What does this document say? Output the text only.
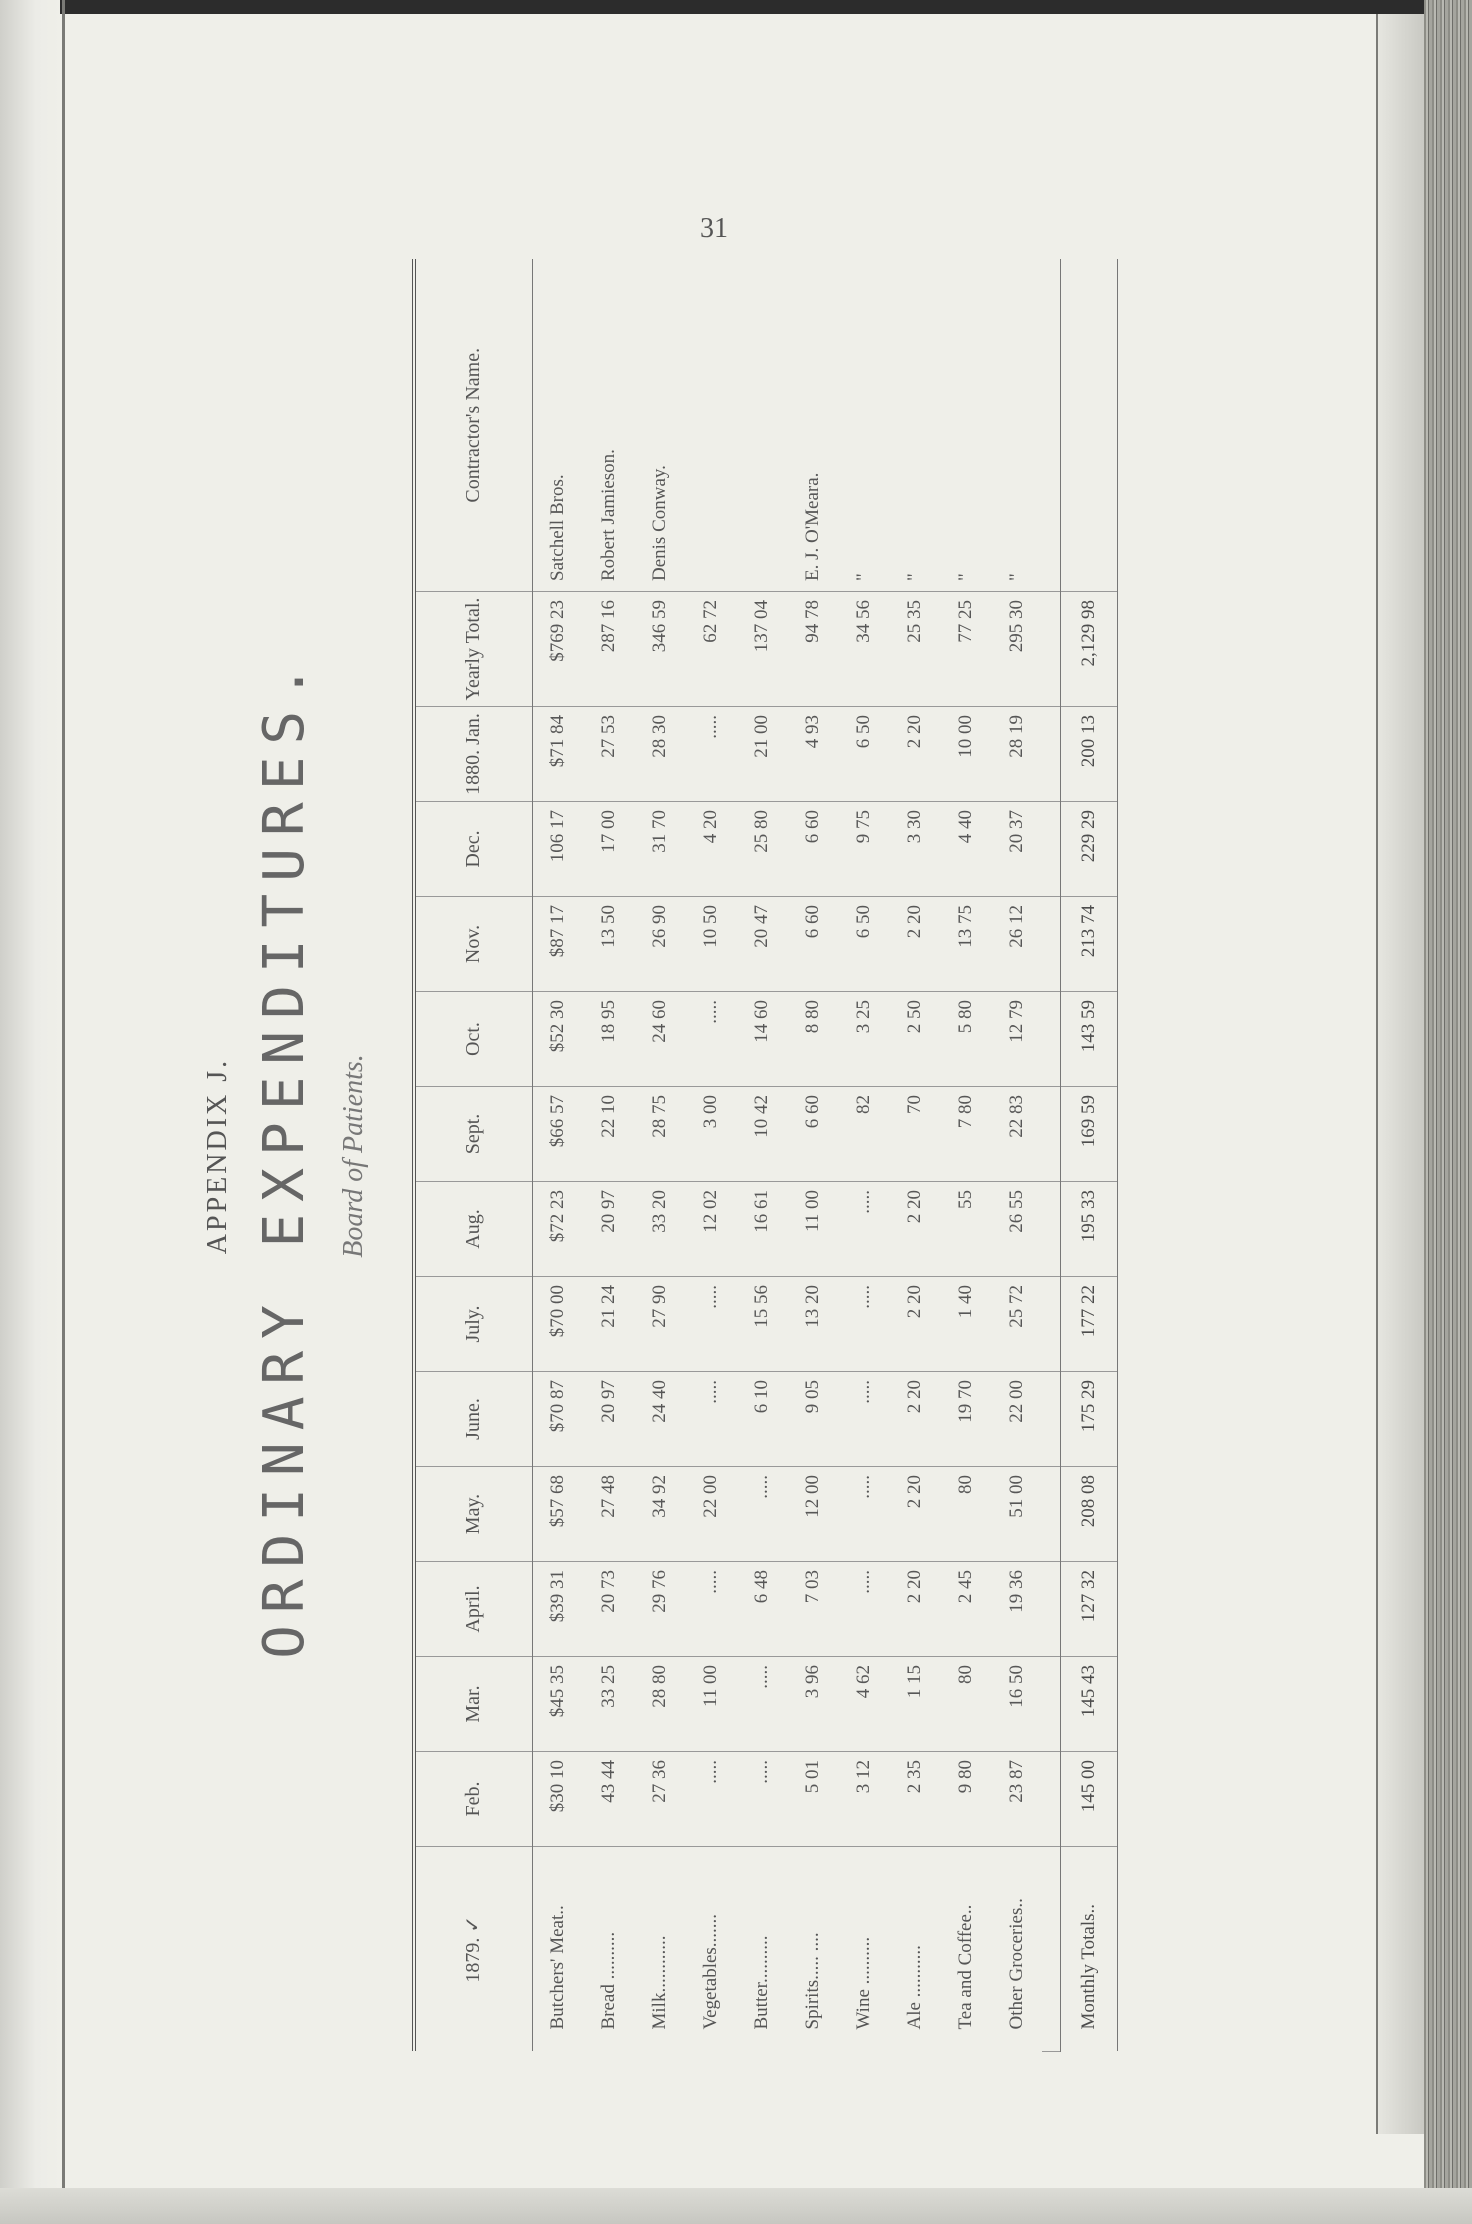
31
APPENDIX J. ORDINARY EXPENDITURES. Board of Patients.
1879. ✓	Feb.	Mar.	April.	May.	June.	July.	Aug.	Sept.	Oct.	Nov.	Dec.	1880. Jan.	Yearly Total.	Contractor's Name.
Butchers' Meat..	$30 10	$45 35	$39 31	$57 68	$70 87	$70 00	$72 23	$66 57	$52 30	$87 17	106 17	$71 84	$769 23	Satchell Bros.
Bread ..........	43 44	33 25	20 73	27 48	20 97	21 24	20 97	22 10	18 95	13 50	17 00	27 53	287 16	Robert Jamieson.
Milk............	27 36	28 80	29 76	34 92	24 40	27 90	33 20	28 75	24 60	26 90	31 70	28 30	346 59	Denis Conway.
Vegetables.......	.....	11 00	.....	22 00	.....	.....	12 02	3 00	.....	10 50	4 20	.....	62 72	
Butter..........	.....	.....	6 48	.....	6 10	15 56	16 61	10 42	14 60	20 47	25 80	21 00	137 04	
Spirits..... ....	5 01	3 96	7 03	12 00	9 05	13 20	11 00	6 60	8 80	6 60	6 60	4 93	94 78	E. J. O'Meara.
Wine ..........	3 12	4 62	.....	.....	.....	.....	.....	82	3 25	6 50	9 75	6 50	34 56	"
Ale ...........	2 35	1 15	2 20	2 20	2 20	2 20	2 20	70	2 50	2 20	3 30	2 20	25 35	"
Tea and Coffee..	9 80	80	2 45	80	19 70	1 40	55	7 80	5 80	13 75	4 40	10 00	77 25	"
Other Groceries..	23 87	16 50	19 36	51 00	22 00	25 72	26 55	22 83	12 79	26 12	20 37	28 19	295 30	"

Monthly Totals..	145 00	145 43	127 32	208 08	175 29	177 22	195 33	169 59	143 59	213 74	229 29	200 13	2,129 98	
